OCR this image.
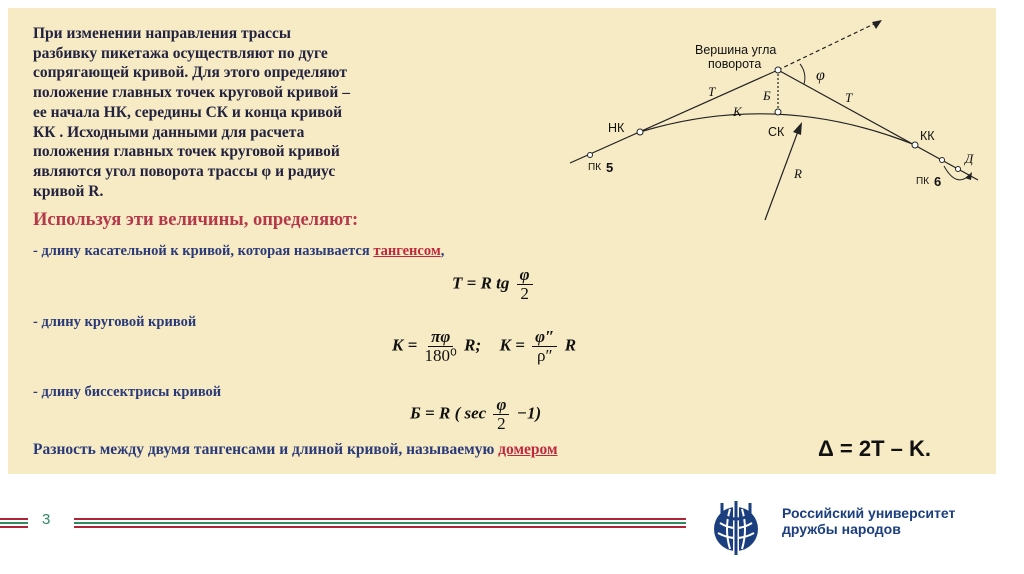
При изменении направления трассы
разбивку пикетажа осуществляют по дуге
сопрягающей кривой. Для этого определяют
положение главных точек круговой кривой –
ее начала НК, середины СК и конца кривой
КК . Исходными данными для расчета
положения главных точек круговой кривой
являются угол поворота трассы φ и радиус
кривой R.

Вершина угла
поворота
φ
T	T
Б
К
НК	СК	КК
R
ПК 5
ПК 6
Д

Используя эти величины, определяют:

- длину касательной к кривой, которая называется тангенсом,

T = R tg $\frac{\varphi}{2}$

- длину круговой кривой

$K = \frac{\pi\varphi}{\text{180⁰}} R$; $K = \frac{\varphi''}{\rho''}$ R

- длину биссектрисы кривой

Б = R ( $\sec \frac{\varphi}{2} -1$)

Разность между двумя тангенсами и длиной кривой, называемую домером	Δ = 2T – K.
3	Российский университет
дружбы народов
